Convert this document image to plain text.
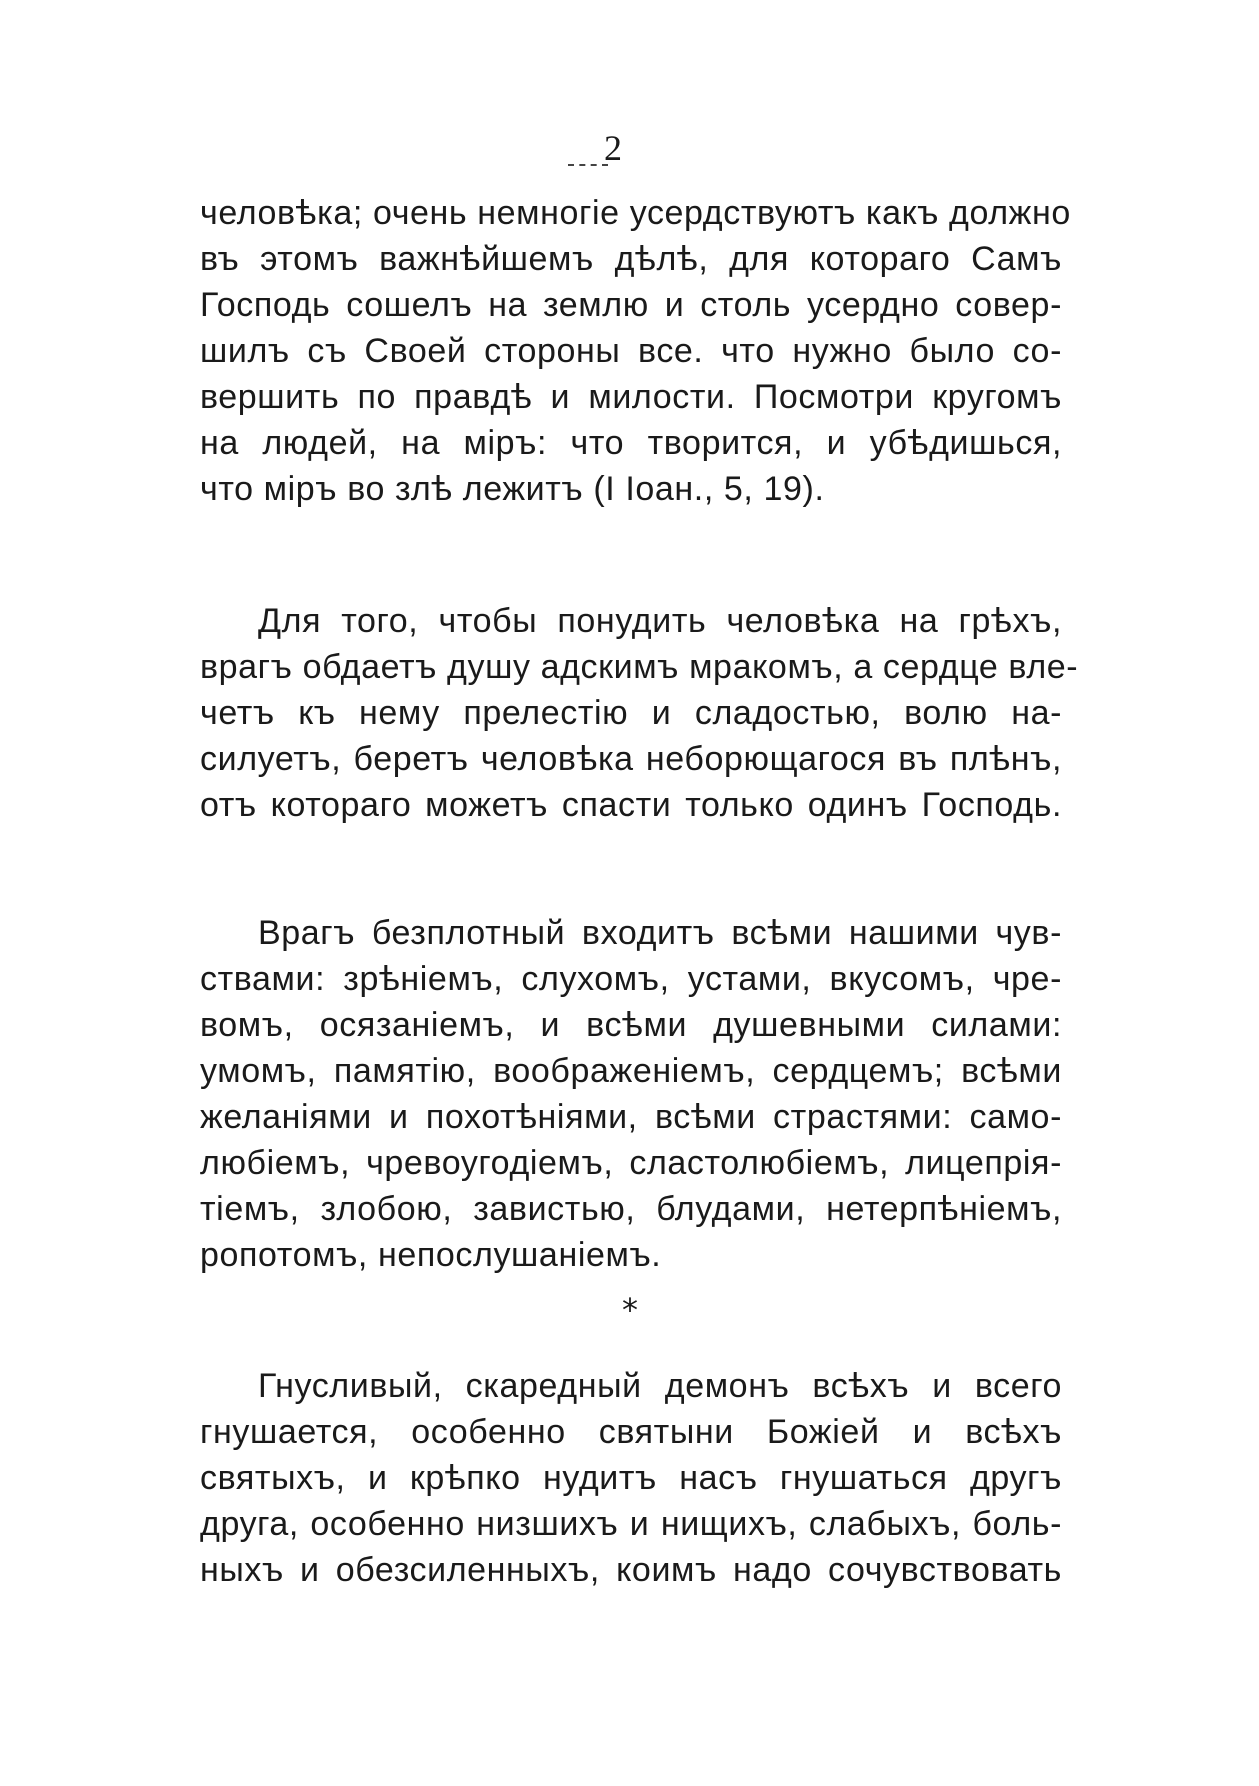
2
человѣка; очень немногіе усердствуютъ какъ должно
въ этомъ важнѣйшемъ дѣлѣ, для котораго Самъ
Господь сошелъ на землю и столь усердно совер-
шилъ съ Своей стороны все. что нужно было со-
вершить по правдѣ и милости. Посмотри кругомъ
на людей, на міръ: что творится, и убѣдишься,
что міръ во злѣ лежитъ (I Іоан., 5, 19).
Для того, чтобы понудить человѣка на грѣхъ,
врагъ обдаетъ душу адскимъ мракомъ, а сердце вле-
четъ къ нему прелестію и сладостью, волю на-
силуетъ, беретъ человѣка неборющагося въ плѣнъ,
отъ котораго можетъ спасти только одинъ Господь.
Врагъ безплотный входитъ всѣми нашими чув-
ствами: зрѣніемъ, слухомъ, устами, вкусомъ, чре-
вомъ, осязаніемъ, и всѣми душевными силами:
умомъ, памятію, воображеніемъ, сердцемъ; всѣми
желаніями и похотѣніями, всѣми страстями: само-
любіемъ, чревоугодіемъ, сластолюбіемъ, лицепрія-
тіемъ, злобою, завистью, блудами, нетерпѣніемъ,
ропотомъ, непослушаніемъ.
*
Гнусливый, скаредный демонъ всѣхъ и всего
гнушается, особенно святыни Божіей и всѣхъ
святыхъ, и крѣпко нудитъ насъ гнушаться другъ
друга, особенно низшихъ и нищихъ, слабыхъ, боль-
ныхъ и обезсиленныхъ, коимъ надо сочувствовать
